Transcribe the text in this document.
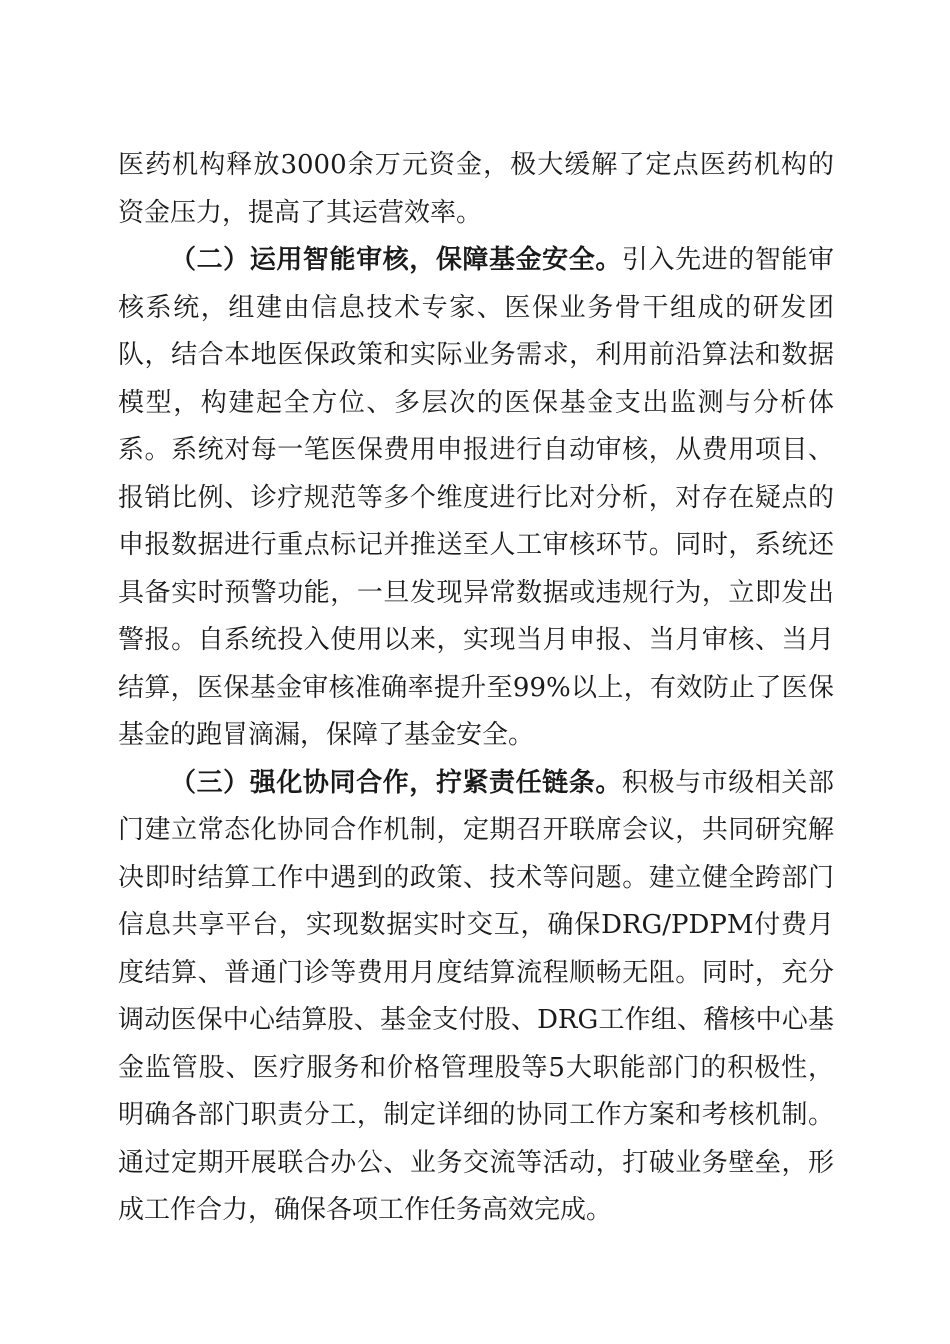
医药机构释放3000余万元资金，极大缓解了定点医药机构的资金压力，提高了其运营效率。

（二）运用智能审核，保障基金安全。引入先进的智能审核系统，组建由信息技术专家、医保业务骨干组成的研发团队，结合本地医保政策和实际业务需求，利用前沿算法和数据模型，构建起全方位、多层次的医保基金支出监测与分析体系。系统对每一笔医保费用申报进行自动审核，从费用项目、报销比例、诊疗规范等多个维度进行比对分析，对存在疑点的申报数据进行重点标记并推送至人工审核环节。同时，系统还具备实时预警功能，一旦发现异常数据或违规行为，立即发出警报。自系统投入使用以来，实现当月申报、当月审核、当月结算，医保基金审核准确率提升至99%以上，有效防止了医保基金的跑冒滴漏，保障了基金安全。

（三）强化协同合作，拧紧责任链条。积极与市级相关部门建立常态化协同合作机制，定期召开联席会议，共同研究解决即时结算工作中遇到的政策、技术等问题。建立健全跨部门信息共享平台，实现数据实时交互，确保DRG/PDPM付费月度结算、普通门诊等费用月度结算流程顺畅无阻。同时，充分调动医保中心结算股、基金支付股、DRG工作组、稽核中心基金监管股、医疗服务和价格管理股等5大职能部门的积极性，明确各部门职责分工，制定详细的协同工作方案和考核机制。通过定期开展联合办公、业务交流等活动，打破业务壁垒，形成工作合力，确保各项工作任务高效完成。
